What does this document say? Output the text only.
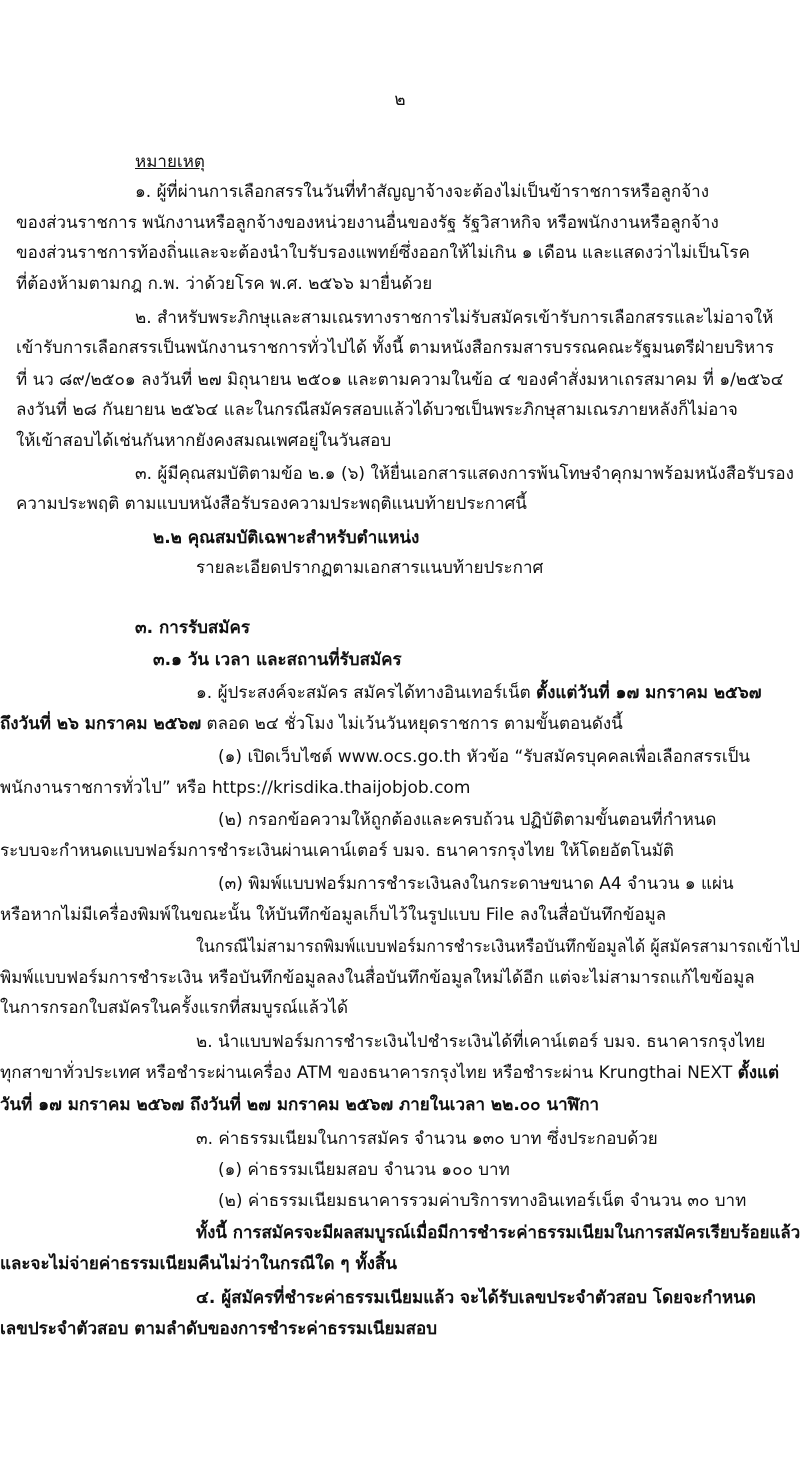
๒
หมายเหตุ
๑. ผู้ที่ผ่านการเลือกสรรในวันที่ทำสัญญาจ้างจะต้องไม่เป็นข้าราชการหรือลูกจ้าง
ของส่วนราชการ พนักงานหรือลูกจ้างของหน่วยงานอื่นของรัฐ รัฐวิสาหกิจ หรือพนักงานหรือลูกจ้าง
ของส่วนราชการท้องถิ่นและจะต้องนำใบรับรองแพทย์ซึ่งออกให้ไม่เกิน ๑ เดือน และแสดงว่าไม่เป็นโรค
ที่ต้องห้ามตามกฎ ก.พ. ว่าด้วยโรค พ.ศ. ๒๕๖๖ มายื่นด้วย
๒. สำหรับพระภิกษุและสามเณรทางราชการไม่รับสมัครเข้ารับการเลือกสรรและไม่อาจให้
เข้ารับการเลือกสรรเป็นพนักงานราชการทั่วไปได้ ทั้งนี้ ตามหนังสือกรมสารบรรณคณะรัฐมนตรีฝ่ายบริหาร
ที่ นว ๘๙/๒๕๐๑ ลงวันที่ ๒๗ มิถุนายน ๒๕๐๑ และตามความในข้อ ๔ ของคำสั่งมหาเถรสมาคม ที่ ๑/๒๕๖๔
ลงวันที่ ๒๘ กันยายน ๒๕๖๔ และในกรณีสมัครสอบแล้วได้บวชเป็นพระภิกษุสามเณรภายหลังก็ไม่อาจ
ให้เข้าสอบได้เช่นกันหากยังคงสมณเพศอยู่ในวันสอบ
๓. ผู้มีคุณสมบัติตามข้อ ๒.๑ (๖) ให้ยื่นเอกสารแสดงการพ้นโทษจำคุกมาพร้อมหนังสือรับรอง
ความประพฤติ ตามแบบหนังสือรับรองความประพฤติแนบท้ายประกาศนี้
๒.๒ คุณสมบัติเฉพาะสำหรับตำแหน่ง
รายละเอียดปรากฏตามเอกสารแนบท้ายประกาศ
๓. การรับสมัคร
๓.๑ วัน เวลา และสถานที่รับสมัคร
๑. ผู้ประสงค์จะสมัคร สมัครได้ทางอินเทอร์เน็ต ตั้งแต่วันที่ ๑๗ มกราคม ๒๕๖๗
ถึงวันที่ ๒๖ มกราคม ๒๕๖๗ ตลอด ๒๔ ชั่วโมง ไม่เว้นวันหยุดราชการ ตามขั้นตอนดังนี้
(๑) เปิดเว็บไซต์ www.ocs.go.th หัวข้อ “รับสมัครบุคคลเพื่อเลือกสรรเป็น
พนักงานราชการทั่วไป” หรือ https://krisdika.thaijobjob.com
(๒) กรอกข้อความให้ถูกต้องและครบถ้วน ปฏิบัติตามขั้นตอนที่กำหนด
ระบบจะกำหนดแบบฟอร์มการชำระเงินผ่านเคาน์เตอร์ บมจ. ธนาคารกรุงไทย ให้โดยอัตโนมัติ
(๓) พิมพ์แบบฟอร์มการชำระเงินลงในกระดาษขนาด A4 จำนวน ๑ แผ่น
หรือหากไม่มีเครื่องพิมพ์ในขณะนั้น ให้บันทึกข้อมูลเก็บไว้ในรูปแบบ File ลงในสื่อบันทึกข้อมูล
ในกรณีไม่สามารถพิมพ์แบบฟอร์มการชำระเงินหรือบันทึกข้อมูลได้ ผู้สมัครสามารถเข้าไป
พิมพ์แบบฟอร์มการชำระเงิน หรือบันทึกข้อมูลลงในสื่อบันทึกข้อมูลใหม่ได้อีก แต่จะไม่สามารถแก้ไขข้อมูล
ในการกรอกใบสมัครในครั้งแรกที่สมบูรณ์แล้วได้
๒. นำแบบฟอร์มการชำระเงินไปชำระเงินได้ที่เคาน์เตอร์ บมจ. ธนาคารกรุงไทย
ทุกสาขาทั่วประเทศ หรือชำระผ่านเครื่อง ATM ของธนาคารกรุงไทย หรือชำระผ่าน Krungthai NEXT ตั้งแต่
วันที่ ๑๗ มกราคม ๒๕๖๗ ถึงวันที่ ๒๗ มกราคม ๒๕๖๗ ภายในเวลา ๒๒.๐๐ นาฬิกา
๓. ค่าธรรมเนียมในการสมัคร จำนวน ๑๓๐ บาท ซึ่งประกอบด้วย
(๑) ค่าธรรมเนียมสอบ จำนวน ๑๐๐ บาท
(๒) ค่าธรรมเนียมธนาคารรวมค่าบริการทางอินเทอร์เน็ต จำนวน ๓๐ บาท
ทั้งนี้ การสมัครจะมีผลสมบูรณ์เมื่อมีการชำระค่าธรรมเนียมในการสมัครเรียบร้อยแล้ว
และจะไม่จ่ายค่าธรรมเนียมคืนไม่ว่าในกรณีใด ๆ ทั้งสิ้น
๔. ผู้สมัครที่ชำระค่าธรรมเนียมแล้ว จะได้รับเลขประจำตัวสอบ โดยจะกำหนด
เลขประจำตัวสอบ ตามลำดับของการชำระค่าธรรมเนียมสอบ
